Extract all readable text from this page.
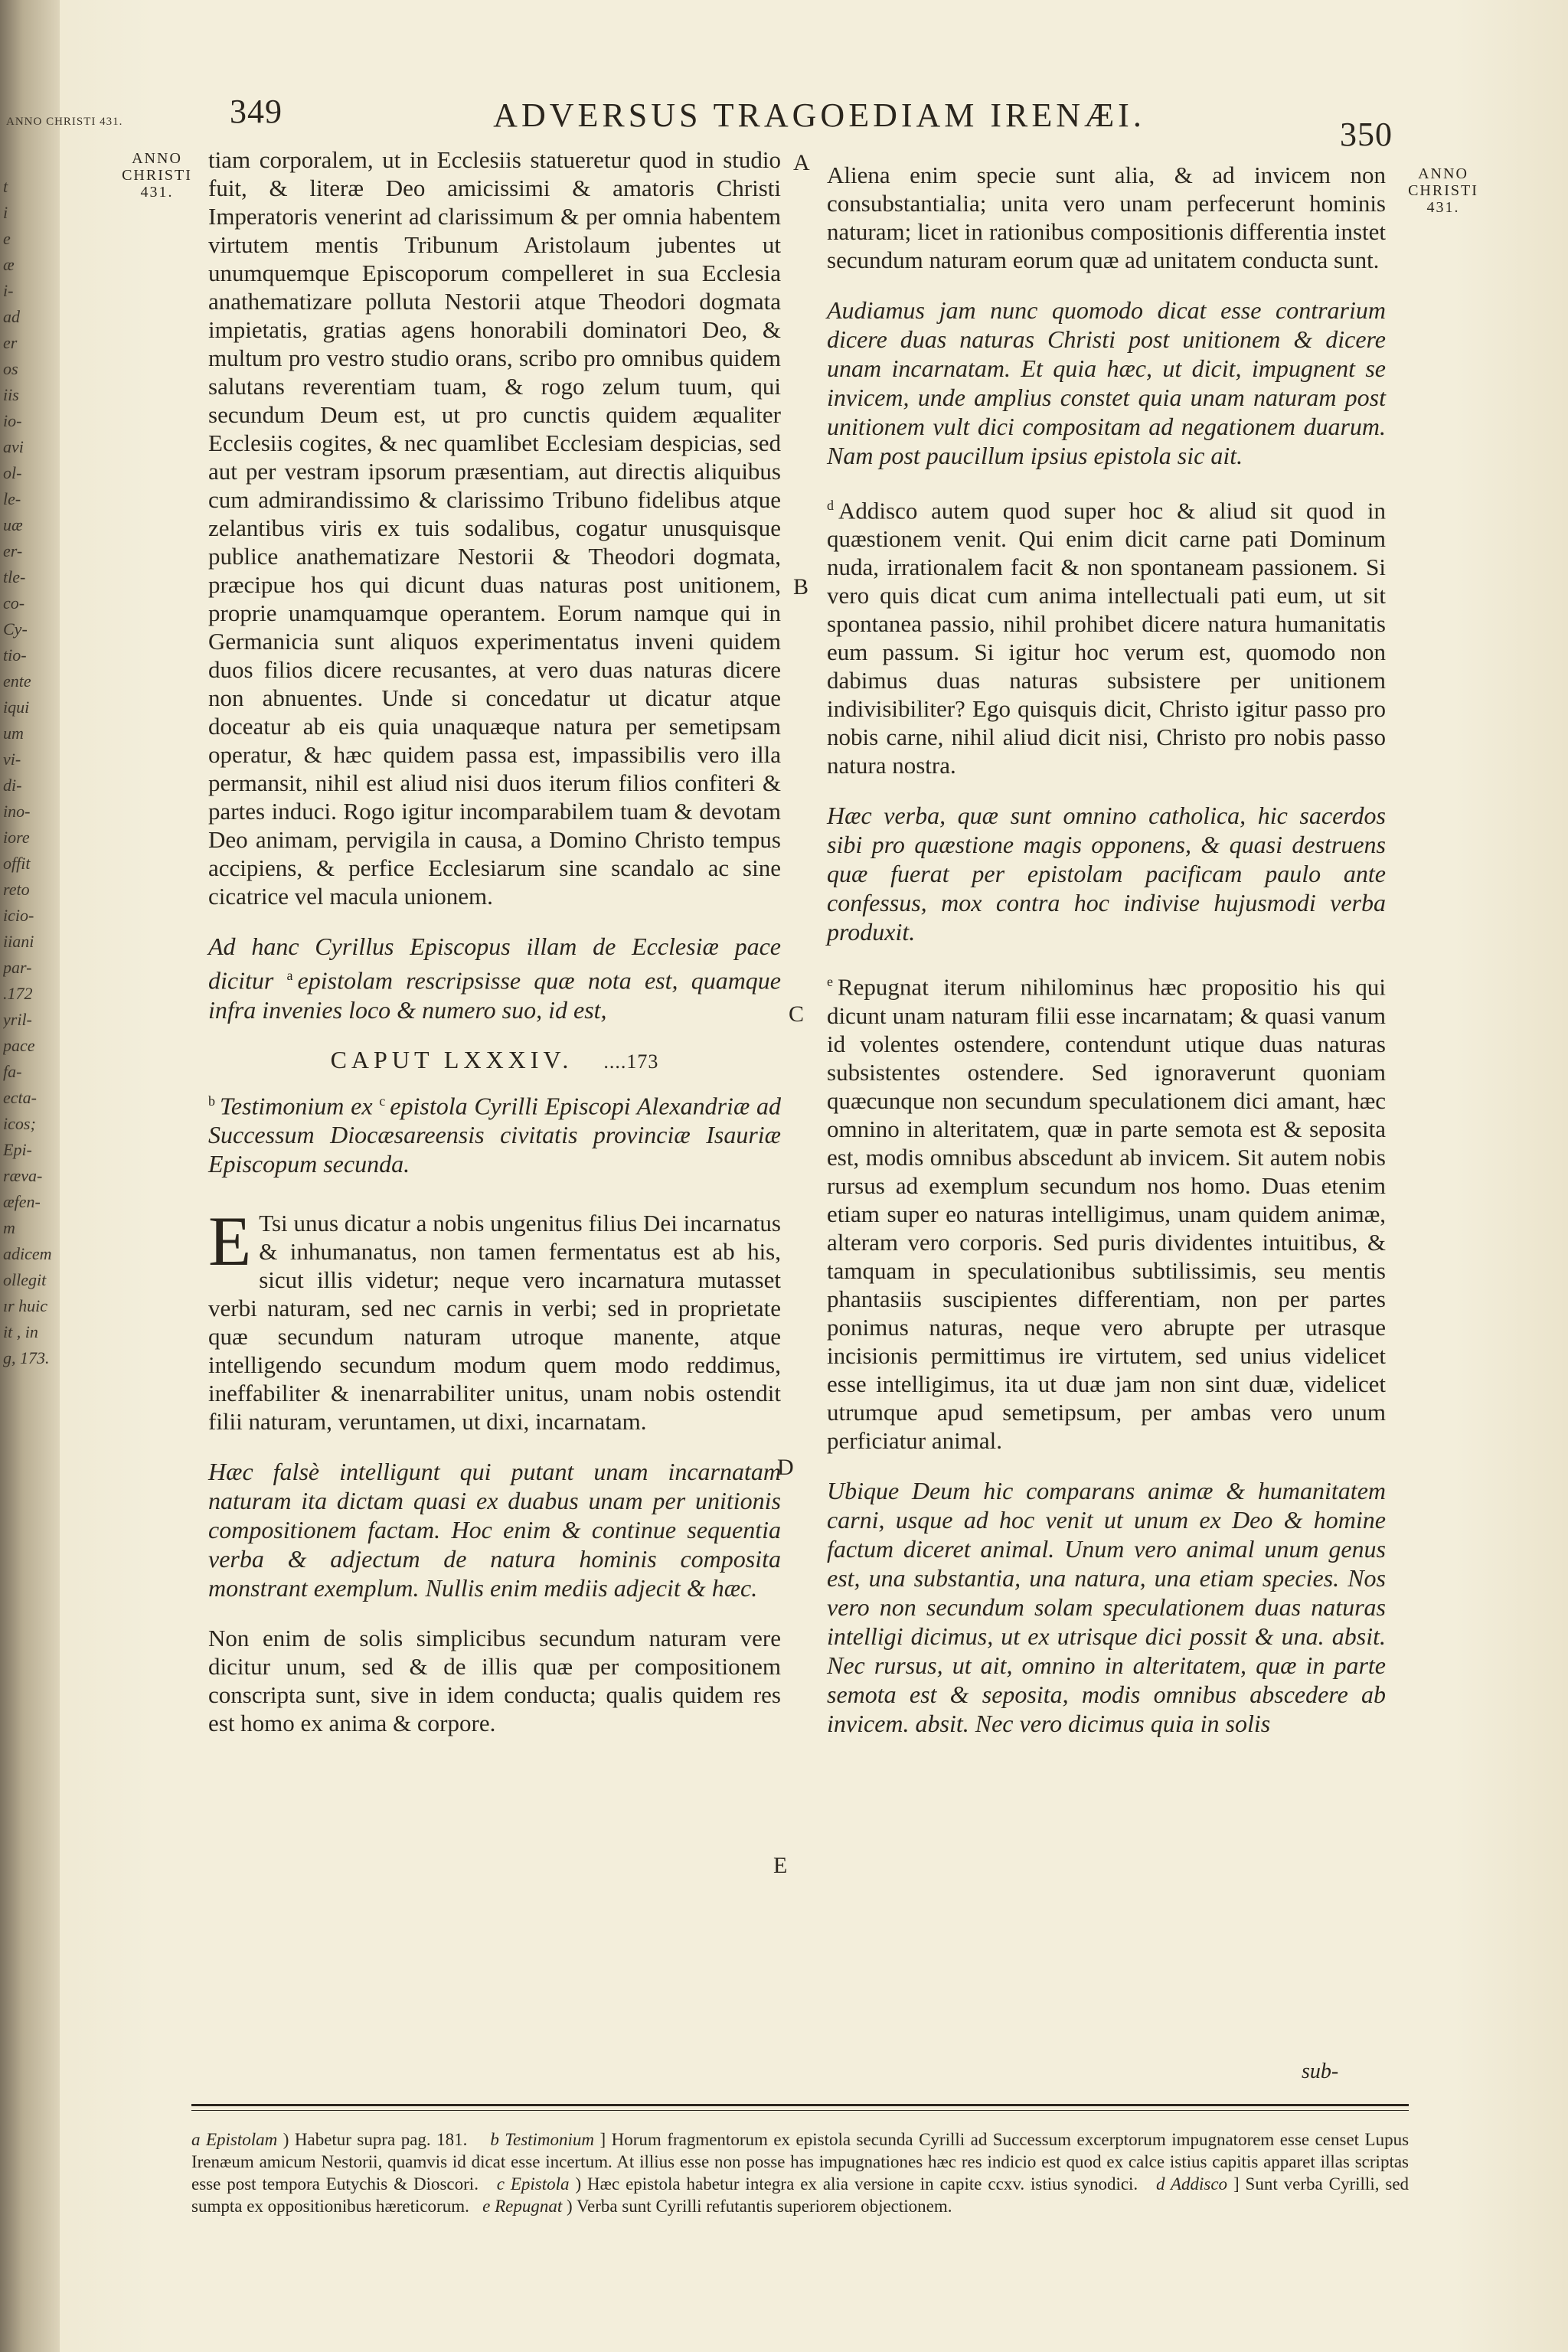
ANNO CHRISTI 431.
t
i
e
æ
i-
ad
er
os
iis
io-
avi
ol-
le-
uæ
er-
tle-
co-
Cy-
tio-
ente
iqui
um
vi-
di-
ino-
iore
offit
reto
icio-
iiani
par-
.172
yril-
pace
fa-
ecta-
icos;
Epi-
ræva-
æfen-
m
adicem
ollegit
ır huic
it , in
g, 173.
349	ADVERSUS TRAGOEDIAM IRENÆI.
350
ANNO
CHRISTI
431.
ANNO
CHRISTI
431.
A
B
C
D
E

tiam corporalem, ut in Ecclesiis statueretur quod in studio fuit, & literæ Deo amicissimi & amatoris Christi Imperatoris venerint ad clarissimum & per omnia habentem virtutem mentis Tribunum Aristolaum jubentes ut unumquemque Episcoporum compelleret in sua Ecclesia anathematizare polluta Nestorii atque Theodori dogmata impietatis, gratias agens honorabili dominatori Deo, & multum pro vestro studio orans, scribo pro omnibus quidem salutans reverentiam tuam, & rogo zelum tuum, qui secundum Deum est, ut pro cunctis quidem æqualiter Ecclesiis cogites, & nec quamlibet Ecclesiam despicias, sed aut per vestram ipsorum præsentiam, aut directis aliquibus cum admirandissimo & clarissimo Tribuno fidelibus atque zelantibus viris ex tuis sodalibus, cogatur unusquisque publice anathematizare Nestorii & Theodori dogmata, præcipue hos qui dicunt duas naturas post unitionem, proprie unamquamque operantem. Eorum namque qui in Germanicia sunt aliquos experimentatus inveni quidem duos filios dicere recusantes, at vero duas naturas dicere non abnuentes. Unde si concedatur ut dicatur atque doceatur ab eis quia unaquæque natura per semetipsam operatur, & hæc quidem passa est, impassibilis vero illa permansit, nihil est aliud nisi duos iterum filios confiteri & partes induci. Rogo igitur incomparabilem tuam & devotam Deo animam, pervigila in causa, a Domino Christo tempus accipiens, & perfice Ecclesiarum sine scandalo ac sine cicatrice vel macula unionem.

Ad hanc Cyrillus Episcopus illam de Ecclesiæ pace dicitur $^a$ epistolam rescripsisse quæ nota est, quamque infra invenies loco & numero suo, id est,

CAPUT LXXXIV. ....173

$^b$ Testimonium ex $^c$ epistola Cyrilli Episcopi Alexandriæ ad Successum Diocæsareensis civitatis provinciæ Isauriæ Episcopum secunda.

E Tsi unus dicatur a nobis ungenitus filius Dei incarnatus & inhumanatus, non tamen fermentatus est ab his, sicut illis videtur; neque vero incarnatura mutasset verbi naturam, sed nec carnis in verbi; sed in proprietate quæ secundum naturam utroque manente, atque intelligendo secundum modum quem modo reddimus, ineffabiliter & inenarrabiliter unitus, unam nobis ostendit filii naturam, veruntamen, ut dixi, incarnatam.

Hæc falsè intelligunt qui putant unam incarnatam naturam ita dictam quasi ex duabus unam per unitionis compositionem factam. Hoc enim & continue sequentia verba & adjectum de natura hominis composita monstrant exemplum. Nullis enim mediis adjecit & hæc.

Non enim de solis simplicibus secundum naturam vere dicitur unum, sed & de illis quæ per compositionem conscripta sunt, sive in idem conducta; qualis quidem res est homo ex anima & corpore.

Aliena enim specie sunt alia, & ad invicem non consubstantialia; unita vero unam perfecerunt hominis naturam; licet in rationibus compositionis differentia instet secundum naturam eorum quæ ad unitatem conducta sunt.

Audiamus jam nunc quomodo dicat esse contrarium dicere duas naturas Christi post unitionem & dicere unam incarnatam. Et quia hæc, ut dicit, impugnent se invicem, unde amplius constet quia unam naturam post unitionem vult dici compositam ad negationem duarum. Nam post paucillum ipsius epistola sic ait.

$^d$ Addisco autem quod super hoc & aliud sit quod in quæstionem venit. Qui enim dicit carne pati Dominum nuda, irrationalem facit & non spontaneam passionem. Si vero quis dicat cum anima intellectuali pati eum, ut sit spontanea passio, nihil prohibet dicere natura humanitatis eum passum. Si igitur hoc verum est, quomodo non dabimus duas naturas subsistere per unitionem indivisibiliter? Ego quisquis dicit, Christo igitur passo pro nobis carne, nihil aliud dicit nisi, Christo pro nobis passo natura nostra.

Hæc verba, quæ sunt omnino catholica, hic sacerdos sibi pro quæstione magis opponens, & quasi destruens quæ fuerat per epistolam pacificam paulo ante confessus, mox contra hoc indivise hujusmodi verba produxit.

$^e$ Repugnat iterum nihilominus hæc propositio his qui dicunt unam naturam filii esse incarnatam; & quasi vanum id volentes ostendere, contendunt utique duas naturas subsistentes ostendere. Sed ignoraverunt quoniam quæcunque non secundum speculationem dici amant, hæc omnino in alteritatem, quæ in parte semota est & seposita est, modis omnibus abscedunt ab invicem. Sit autem nobis rursus ad exemplum secundum nos homo. Duas etenim etiam super eo naturas intelligimus, unam quidem animæ, alteram vero corporis. Sed puris dividentes intuitibus, & tamquam in speculationibus subtilissimis, seu mentis phantasiis suscipientes differentiam, non per partes ponimus naturas, neque vero abrupte per utrasque incisionis permittimus ire virtutem, sed unius videlicet esse intelligimus, ita ut duæ jam non sint duæ, videlicet utrumque apud semetipsum, per ambas vero unum perficiatur animal.

Ubique Deum hic comparans animæ & humanitatem carni, usque ad hoc venit ut unum ex Deo & homine factum diceret animal. Unum vero animal unum genus est, una substantia, una natura, una etiam species. Nos vero non secundum solam speculationem duas naturas intelligi dicimus, ut ex utrisque dici possit & una. absit. Nec rursus, ut ait, omnino in alteritatem, quæ in parte semota est & seposita, modis omnibus abscedere ab invicem. absit. Nec vero dicimus quia in solis

sub-
a Epistolam ) Habetur supra pag. 181. b Testimonium ] Horum fragmentorum ex epistola secunda Cyrilli ad Successum excerptorum impugnatorem esse censet Lupus Irenæum amicum Nestorii, quamvis id dicat esse incertum. At illius esse non posse has impugnationes hæc res indicio est quod ex calce istius capitis apparet illas scriptas esse post tempora Eutychis & Dioscori. c Epistola ) Hæc epistola habetur integra ex alia versione in capite ccxv. istius synodici. d Addisco ] Sunt verba Cyrilli, sed sumpta ex oppositionibus hæreticorum. e Repugnat ) Verba sunt Cyrilli refutantis superiorem objectionem.
